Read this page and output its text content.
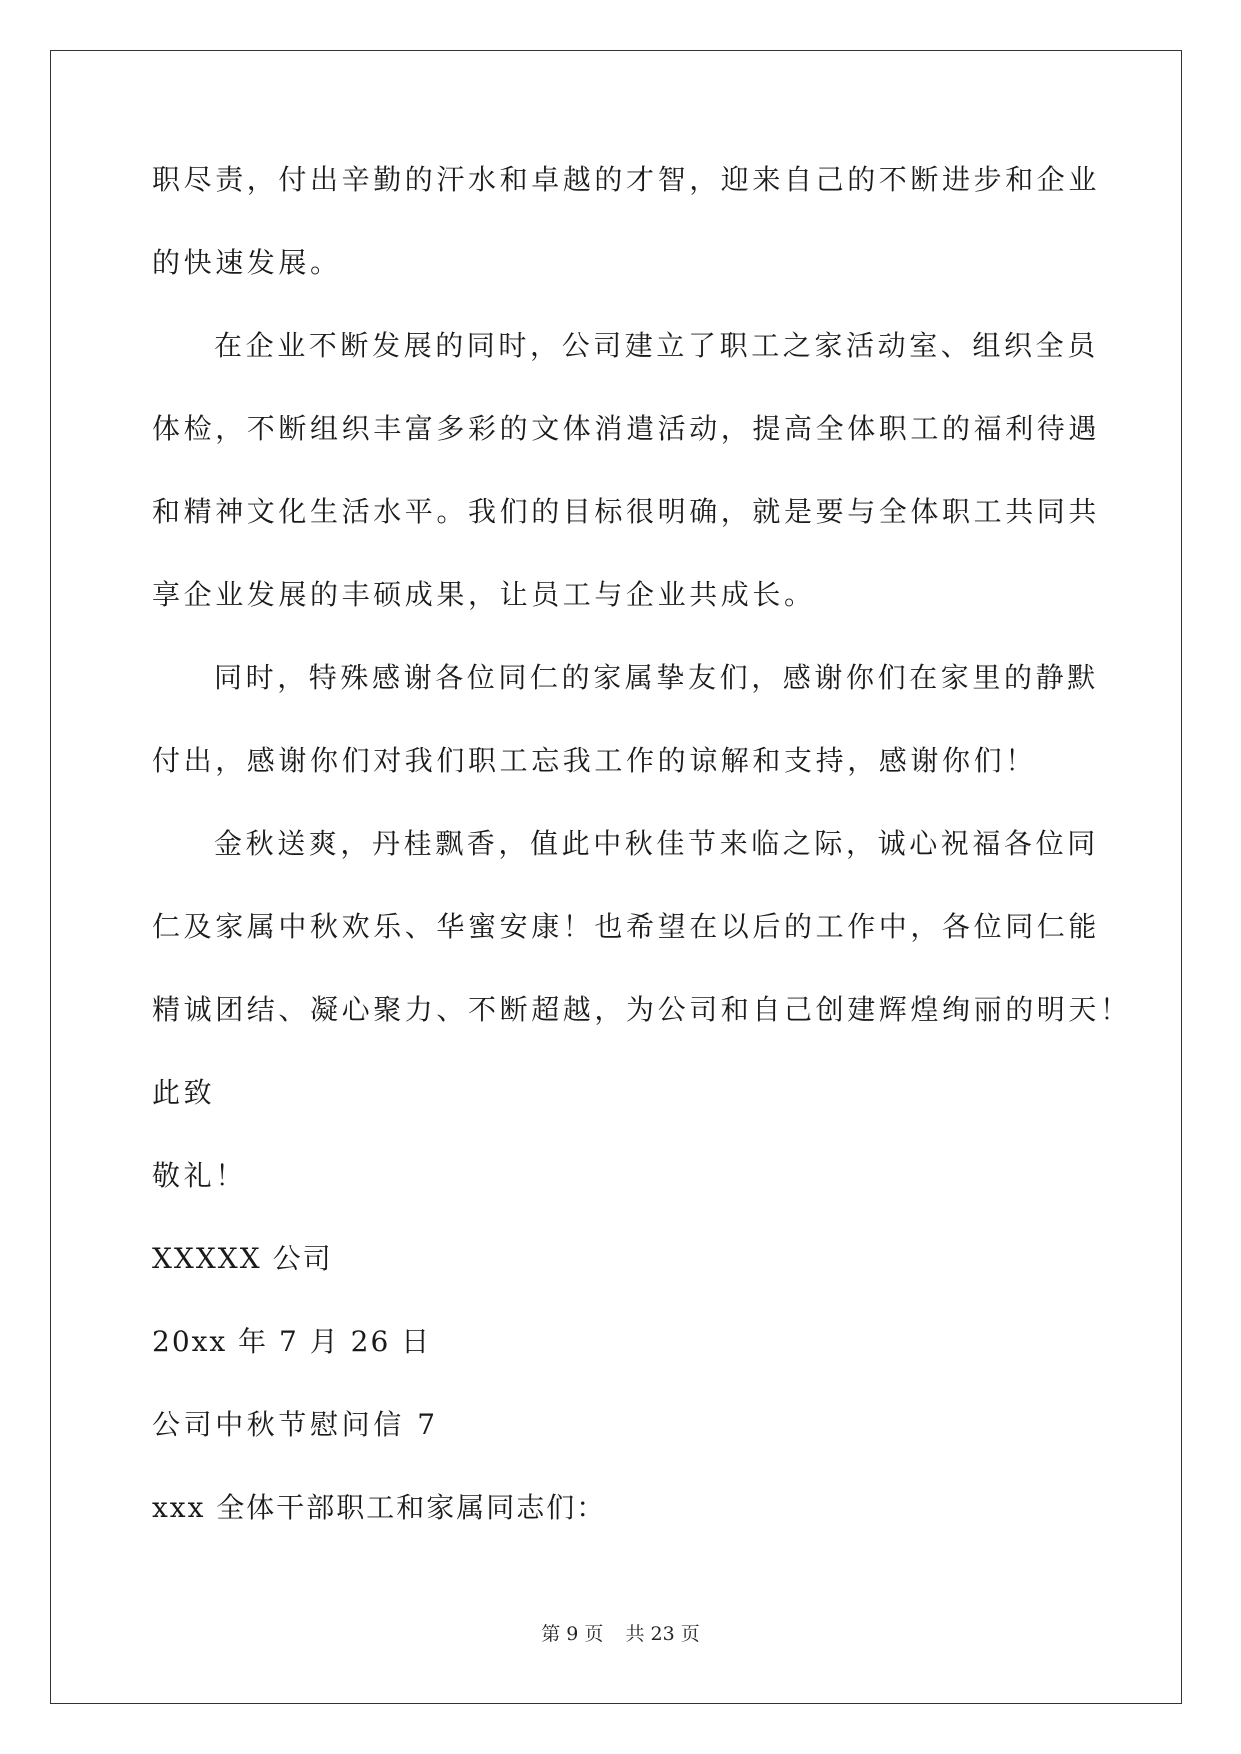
职尽责，付出辛勤的汗水和卓越的才智，迎来自己的不断进步和企业

的快速发展。

在企业不断发展的同时，公司建立了职工之家活动室、组织全员

体检，不断组织丰富多彩的文体消遣活动，提高全体职工的福利待遇

和精神文化生活水平。我们的目标很明确，就是要与全体职工共同共

享企业发展的丰硕成果，让员工与企业共成长。

同时，特殊感谢各位同仁的家属挚友们，感谢你们在家里的静默

付出，感谢你们对我们职工忘我工作的谅解和支持，感谢你们！

金秋送爽，丹桂飘香，值此中秋佳节来临之际，诚心祝福各位同

仁及家属中秋欢乐、华蜜安康！也希望在以后的工作中，各位同仁能

精诚团结、凝心聚力、不断超越，为公司和自己创建辉煌绚丽的明天！

此致

敬礼！

XXXXX 公司

20xx 年 7 月 26 日

公司中秋节慰问信 7

xxx 全体干部职工和家属同志们：

第 9 页 共 23 页
